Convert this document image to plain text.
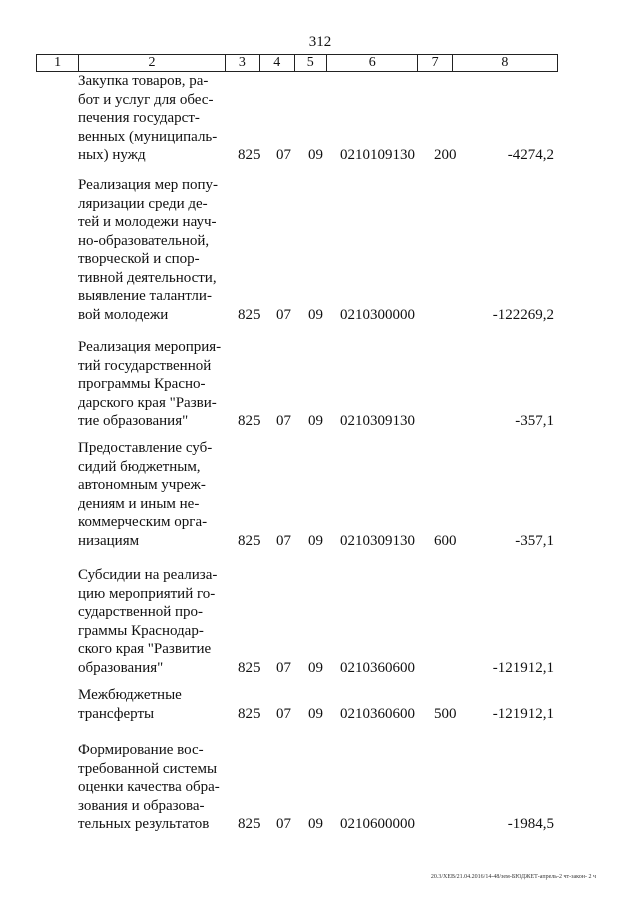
312
1	2	3	4	5	6	7	8
Закупка товаров, ра-
бот и услуг для обес-
печения государст-
венных (муниципаль-
ных) нужд	825 07 09 0210109130 200	-4274,2
Реализация мер попу-
ляризации среди де-
тей и молодежи науч-
но-образовательной,
творческой и спор-
тивной деятельности,
выявление талантли-
вой молодежи	825 07 09 0210300000	-122269,2
Реализация мероприя-
тий государственной
программы Красно-
дарского края "Разви-
тие образования"	825 07 09 0210309130	-357,1
Предоставление суб-
сидий бюджетным,
автономным учреж-
дениям и иным не-
коммерческим орга-
низациям	825 07 09 0210309130 600	-357,1
Субсидии на реализа-
цию мероприятий го-
сударственной про-
граммы Краснодар-
ского края "Развитие
образования"	825 07 09 0210360600	-121912,1
Межбюджетные
трансферты	825 07 09 0210360600 500 -121912,1
Формирование вос-
требованной системы
оценки качества обра-
зования и образова-
тельных результатов	825 07 09 0210600000	-1984,5
20.3/XEB/21.04.2016/14-48/зем-БЮДЖЕТ-апрель-2 чт-закон- 2 ч
